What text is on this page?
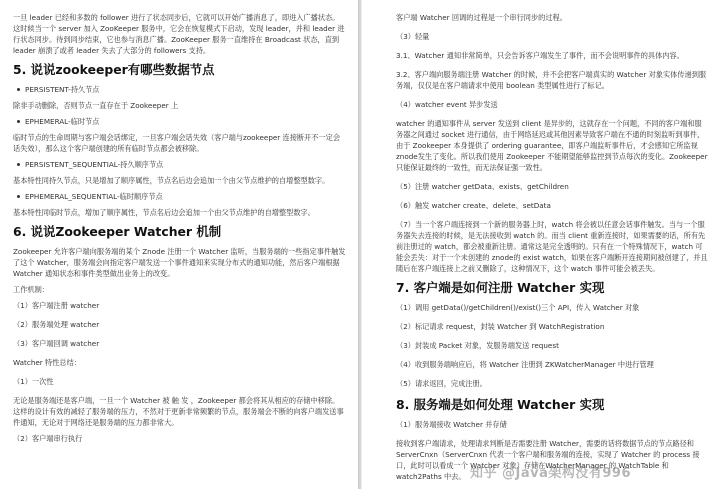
一旦 leader 已经和多数的 follower 进行了状态同步后，它就可以开始广播消息了，即进入广播状态。这时候当一个 server 加入 ZooKeeper 服务中，它会在恢复模式下启动，发现 leader，并和 leader 进行状态同步。待到同步结束，它也参与消息广播。ZooKeeper 服务一直维持在 Broadcast 状态，直到 leader 崩溃了或者 leader 失去了大部分的 followers 支持。

5. 说说zookeeper有哪些数据节点
PERSISTENT-持久节点

除非手动删除，否则节点一直存在于 Zookeeper 上

EPHEMERAL-临时节点

临时节点的生命周期与客户端会话绑定，一旦客户端会话失效（客户端与zookeeper 连接断开不一定会话失效），那么这个客户端创建的所有临时节点都会被移除。

PERSISTENT_SEQUENTIAL-持久顺序节点

基本特性同持久节点，只是增加了顺序属性，节点名后边会追加一个由父节点维护的自增整型数字。

EPHEMERAL_SEQUENTIAL-临时顺序节点

基本特性同临时节点，增加了顺序属性，节点名后边会追加一个由父节点维护的自增整型数字。

6. 说说Zookeeper Watcher 机制

Zookeeper 允许客户端向服务端的某个 Znode 注册一个 Watcher 监听，当服务端的一些指定事件触发了这个 Watcher，服务端会向指定客户端发送一个事件通知来实现分布式的通知功能，然后客户端根据 Watcher 通知状态和事件类型做出业务上的改变。

工作机制：

（1）客户端注册 watcher

（2）服务端处理 watcher

（3）客户端回调 watcher

Watcher 特性总结：

（1）一次性

无论是服务端还是客户端，一旦一个 Watcher 被 触 发 ，Zookeeper 都会将其从相应的存储中移除。这样的设计有效的减轻了服务端的压力，不然对于更新非常频繁的节点，服务端会不断的向客户端发送事件通知，无论对于网络还是服务端的压力都非常大。

（2）客户端串行执行

客户端 Watcher 回调的过程是一个串行同步的过程。

（3）轻量

3.1、Watcher 通知非常简单，只会告诉客户端发生了事件，而不会说明事件的具体内容。

3.2、客户端向服务端注册 Watcher 的时候，并不会把客户端真实的 Watcher 对象实体传递到服务端，仅仅是在客户端请求中使用 boolean 类型属性进行了标记。

（4）watcher event 异步发送

watcher 的通知事件从 server 发送到 client 是异步的，这就存在一个问题，不同的客户端和服务器之间通过 socket 进行通信，由于网络延迟或其他因素导致客户端在不通的时刻监听到事件，由于 Zookeeper 本身提供了 ordering guarantee，即客户端监听事件后，才会感知它所监视 znode发生了变化。所以我们使用 Zookeeper 不能期望能够监控到节点每次的变化。Zookeeper 只能保证最终的一致性，而无法保证强一致性。

（5）注册 watcher getData、exists、getChildren

（6）触发 watcher create、delete、setData

（7）当一个客户端连接到一个新的服务器上时，watch 将会被以任意会话事件触发。当与一个服务器失去连接的时候，是无法接收到 watch 的。而当 client 重新连接时，如果需要的话，所有先前注册过的 watch，都会被重新注册。通常这是完全透明的。只有在一个特殊情况下，watch 可能会丢失：对于一个未创建的 znode的 exist watch，如果在客户端断开连接期间被创建了，并且随后在客户端连接上之前又删除了，这种情况下，这个 watch 事件可能会被丢失。

7. 客户端是如何注册 Watcher 实现

（1）调用 getData()/getChildren()/exist()三个 API，传入 Watcher 对象

（2）标记请求 request，封装 Watcher 到 WatchRegistration

（3）封装成 Packet 对象，发服务端发送 request

（4）收到服务端响应后，将 Watcher 注册到 ZKWatcherManager 中进行管理

（5）请求返回，完成注册。

8. 服务端是如何处理 Watcher 实现

（1）服务端接收 Watcher 并存储

接收到客户端请求，处理请求判断是否需要注册 Watcher，需要的话将数据节点的节点路径和 ServerCnxn（ServerCnxn 代表一个客户端和服务端的连接，实现了 Watcher 的 process 接口，此时可以看成一个 Watcher 对象）存储在WatcherManager 的 WatchTable 和 watch2Paths 中去。 知乎 @Java架构没有996
